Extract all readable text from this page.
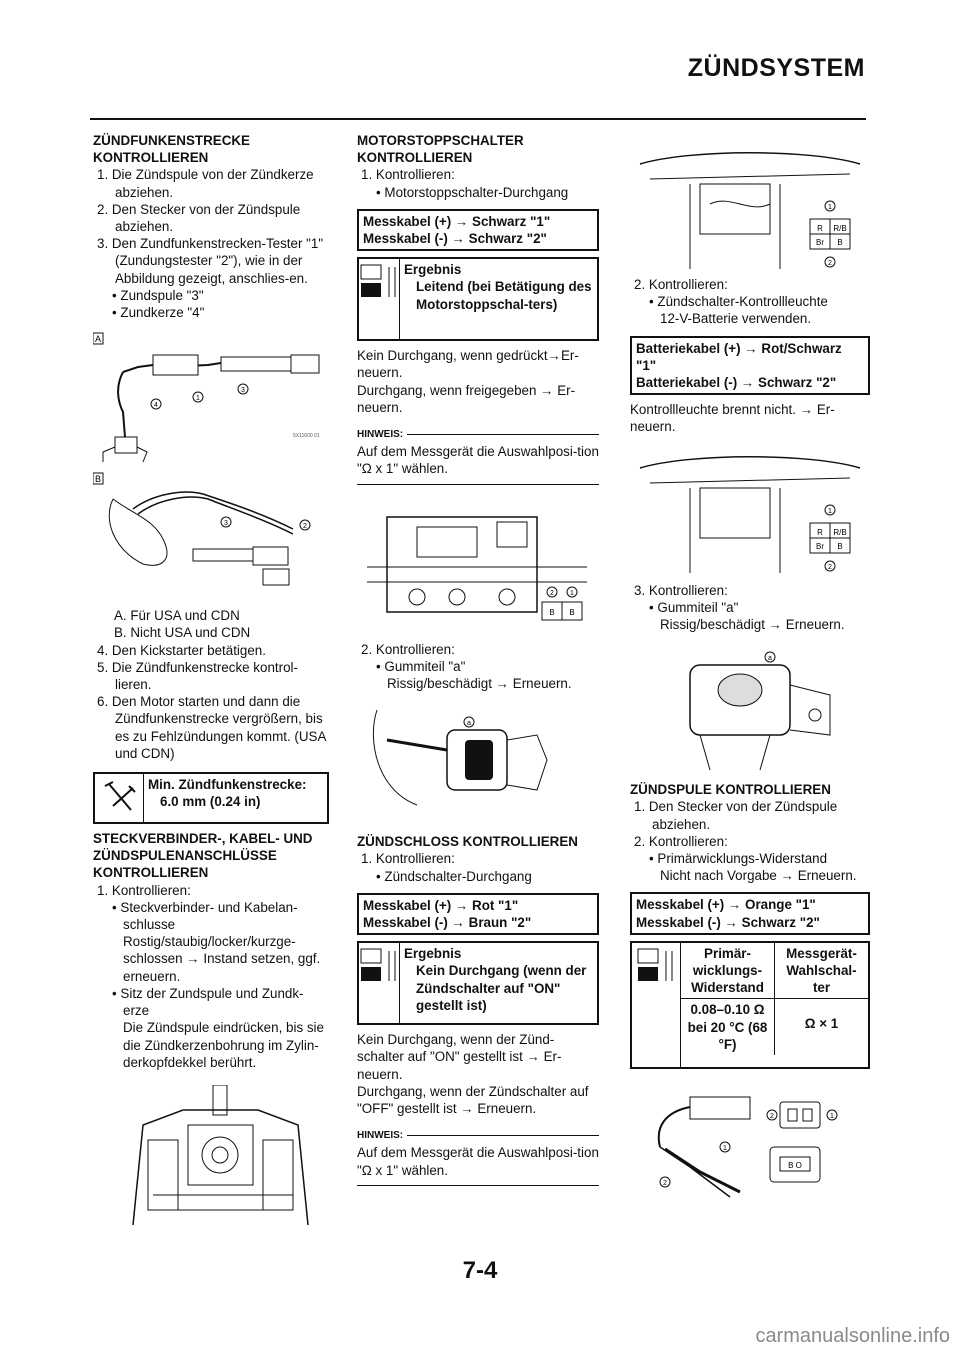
ZÜNDSYSTEM

ZÜNDFUNKENSTRECKE KONTROLLIEREN

1. Die Zündspule von der Zündkerze abziehen.

2. Den Stecker von der Zündspule abziehen.

3. Den Zundfunkenstrecken-Tester "1" (Zundungstester "2"), wie in der Abbildung gezeigt, anschlies-en.

• Zundspule "3"

• Zundkerze "4"

A
1
3
4
5X11600 01
B
3	2

A. Für USA und CDN

B. Nicht USA und CDN

4. Den Kickstarter betätigen.

5. Die Zündfunkenstrecke kontrol-lieren.

6. Den Motor starten und dann die Zündfunkenstrecke vergrößern, bis es zu Fehlzündungen kommt. (USA und CDN)

Min. Zündfunkenstrecke:
6.0 mm (0.24 in)

STECKVERBINDER-, KABEL- UND ZÜNDSPULENANSCHLÜSSE KONTROLLIEREN

1. Kontrollieren:

• Steckverbinder- und Kabelan-schlusse

Rostig/staubig/locker/kurzge-schlossen → Instand setzen, ggf. erneuern.

• Sitz der Zundspule und Zundk-erze

Die Zündspule eindrücken, bis sie die Zündkerzenbohrung im Zylin-derkopfdekkel berührt.

MOTORSTOPPSCHALTER KONTROLLIEREN

1. Kontrollieren:

• Motorstoppschalter-Durchgang

Messkabel (+) → Schwarz "1"
Messkabel (-) → Schwarz "2"
Ergebnis
Leitend (bei Betätigung des Motorstoppschal-ters)

Kein Durchgang, wenn gedrückt→Er-neuern.

Durchgang, wenn freigegeben → Er-neuern.

HINWEIS:

Auf dem Messgerät die Auswahlposi-tion "Ω x 1" wählen.

B B
2 1

2. Kontrollieren:

• Gummiteil "a"

Rissig/beschädigt → Erneuern.

a

ZÜNDSCHLOSS KONTROLLIEREN

1. Kontrollieren:

• Zündschalter-Durchgang

Messkabel (+) → Rot "1"
Messkabel (-) → Braun "2"
Ergebnis
Kein Durchgang (wenn der Zündschalter auf "ON" gestellt ist)

Kein Durchgang, wenn der Zünd-schalter auf "ON" gestellt ist → Er-neuern.

Durchgang, wenn der Zündschalter auf "OFF" gestellt ist → Erneuern.

HINWEIS:

Auf dem Messgerät die Auswahlposi-tion "Ω x 1" wählen.

R R/B
Br B
1
2

2. Kontrollieren:

• Zündschalter-Kontrollleuchte

12-V-Batterie verwenden.

Batteriekabel (+) → Rot/Schwarz "1"
Batteriekabel (-) → Schwarz "2"

Kontrollleuchte brennt nicht. → Er-neuern.

R R/B
Br B
1
2

3. Kontrollieren:

• Gummiteil "a"

Rissig/beschädigt → Erneuern.

a

ZÜNDSPULE KONTROLLIEREN

1. Den Stecker von der Zündspule abziehen.

2. Kontrollieren:

• Primärwicklungs-Widerstand

Nicht nach Vorgabe → Erneuern.

Messkabel (+) → Orange "1"
Messkabel (-) → Schwarz "2"
Primär-wicklungs-Widerstand
Messgerät-Wahlschal-ter
0.08–0.10 Ω bei 20 °C (68 °F)
Ω × 1
B O
2	1
1
2
7-4
carmanualsonline.info
